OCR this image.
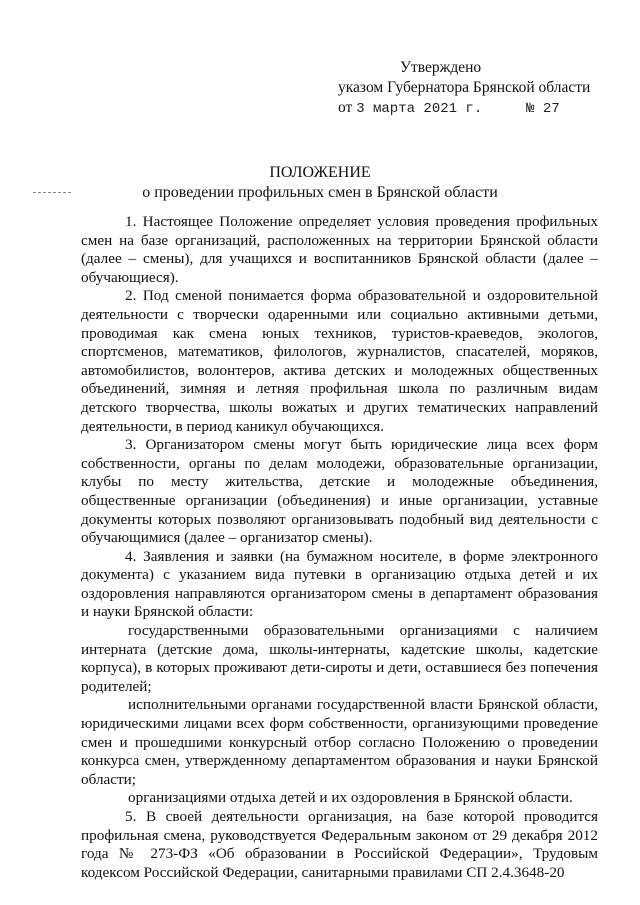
Утверждено
указом Губернатора Брянской области
от 3 марта 2021 г.	№ 27
ПОЛОЖЕНИЕ
о проведении профильных смен в Брянской области

1. Настоящее Положение определяет условия проведения профильных смен на базе организаций, расположенных на территории Брянской области (далее – смены), для учащихся и воспитанников Брянской области (далее – обучающиеся).

2. Под сменой понимается форма образовательной и оздоровительной деятельности с творчески одаренными или социально активными детьми, проводимая как смена юных техников, туристов-краеведов, экологов, спортсменов, математиков, филологов, журналистов, спасателей, моряков, автомобилистов, волонтеров, актива детских и молодежных общественных объединений, зимняя и летняя профильная школа по различным видам детского творчества, школы вожатых и других тематических направлений деятельности, в период каникул обучающихся.

3. Организатором смены могут быть юридические лица всех форм собственности, органы по делам молодежи, образовательные организации, клубы по месту жительства, детские и молодежные объединения, общественные организации (объединения) и иные организации, уставные документы которых позволяют организовывать подобный вид деятельности с обучающимися (далее – организатор смены).

4. Заявления и заявки (на бумажном носителе, в форме электронного документа) с указанием вида путевки в организацию отдыха детей и их оздоровления направляются организатором смены в департамент образования и науки Брянской области:

государственными образовательными организациями с наличием интерната (детские дома, школы-интернаты, кадетские школы, кадетские корпуса), в которых проживают дети-сироты и дети, оставшиеся без попечения родителей;

исполнительными органами государственной власти Брянской области, юридическими лицами всех форм собственности, организующими проведение смен и прошедшими конкурсный отбор согласно Положению о проведении конкурса смен, утвержденному департаментом образования и науки Брянской области;

организациями отдыха детей и их оздоровления в Брянской области.

5. В своей деятельности организация, на базе которой проводится профильная смена, руководствуется Федеральным законом от 29 декабря 2012 года № 273-ФЗ «Об образовании в Российской Федерации», Трудовым кодексом Российской Федерации, санитарными правилами СП 2.4.3648-20
